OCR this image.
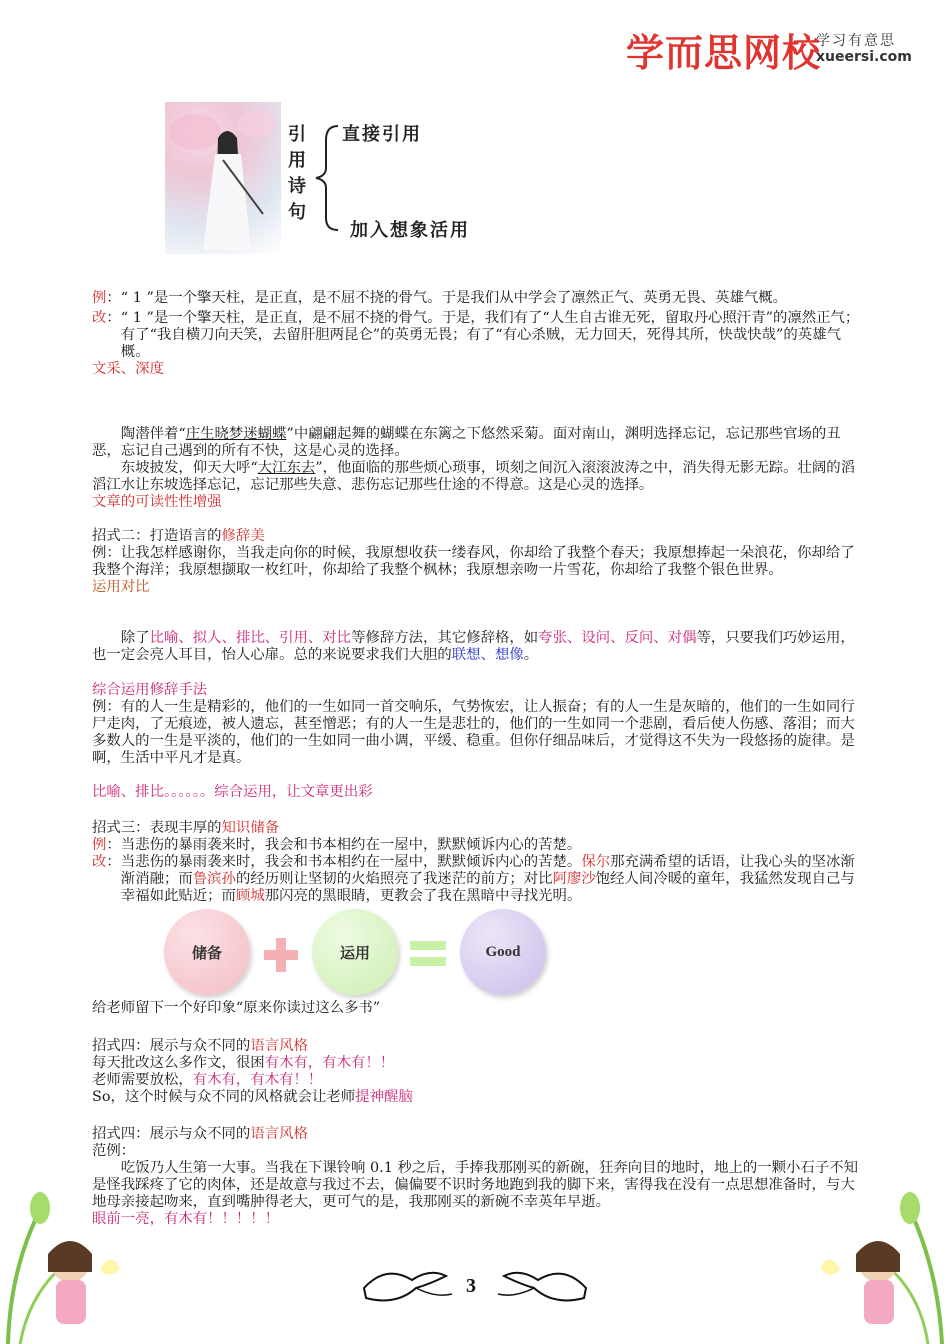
学而思网校
学习有意思
xueersi.com
引
用
诗
句
直接引用
加入想象活用

例：“ 1 ”是一个擎天柱，是正直，是不屈不挠的骨气。于是我们从中学会了凛然正气、英勇无畏、英雄气概。

改：“ 1 ”是一个擎天柱，是正直，是不屈不挠的骨气。于是，我们有了“人生自古谁无死，留取丹心照汗青”的凛然正气；有了“我自横刀向天笑，去留肝胆两昆仑”的英勇无畏；有了“有心杀贼，无力回天，死得其所，快哉快哉”的英雄气概。

文采、深度

陶潜伴着“庄生晓梦迷蝴蝶”中翩翩起舞的蝴蝶在东篱之下悠然采菊。面对南山，渊明选择忘记，忘记那些官场的丑恶，忘记自己遇到的所有不快，这是心灵的选择。

东坡披发，仰天大呼“大江东去”，他面临的那些烦心琐事，顷刻之间沉入滚滚波涛之中，消失得无影无踪。壮阔的滔滔江水让东坡选择忘记，忘记那些失意、悲伤忘记那些仕途的不得意。这是心灵的选择。

文章的可读性性增强

招式二：打造语言的修辞美

例：让我怎样感谢你，当我走向你的时候，我原想收获一缕春风，你却给了我整个春天；我原想捧起一朵浪花，你却给了我整个海洋；我原想撷取一枚红叶，你却给了我整个枫林；我原想亲吻一片雪花，你却给了我整个银色世界。

运用对比

除了比喻、拟人、排比、引用、对比等修辞方法，其它修辞格，如夸张、设问、反问、对偶等，只要我们巧妙运用，也一定会亮人耳目，怡人心扉。总的来说要求我们大胆的联想、想像。

综合运用修辞手法

例：有的人一生是精彩的，他们的一生如同一首交响乐，气势恢宏，让人振奋；有的人一生是灰暗的，他们的一生如同行尸走肉，了无痕迹，被人遗忘，甚至憎恶；有的人一生是悲壮的，他们的一生如同一个悲剧，看后使人伤感、落泪；而大多数人的一生是平淡的，他们的一生如同一曲小调，平缓、稳重。但你仔细品味后，才觉得这不失为一段悠扬的旋律。是啊，生活中平凡才是真。

比喻、排比。。。。。。综合运用，让文章更出彩

招式三：表现丰厚的知识储备

例：当悲伤的暴雨袭来时，我会和书本相约在一屋中，默默倾诉内心的苦楚。

改：当悲伤的暴雨袭来时，我会和书本相约在一屋中，默默倾诉内心的苦楚。保尔那充满希望的话语，让我心头的坚冰渐渐消融；而鲁滨孙的经历则让坚韧的火焰照亮了我迷茫的前方；对比阿廖沙饱经人间冷暖的童年，我猛然发现自己与幸福如此贴近；而顾城那闪亮的黑眼睛，更教会了我在黑暗中寻找光明。

储备	运用	Good

给老师留下一个好印象“原来你读过这么多书”

招式四：展示与众不同的语言风格

每天批改这么多作文，很困有木有，有木有！！

老师需要放松，有木有，有木有！！

So，这个时候与众不同的风格就会让老师提神醒脑

招式四：展示与众不同的语言风格

范例：

吃饭乃人生第一大事。当我在下课铃响 0.1 秒之后，手捧我那刚买的新碗，狂奔向目的地时，地上的一颗小石子不知是怪我踩疼了它的肉体，还是故意与我过不去，偏偏要不识时务地跑到我的脚下来，害得我在没有一点思想准备时，与大地母亲接起吻来，直到嘴肿得老大，更可气的是，我那刚买的新碗不幸英年早逝。

眼前一亮，有木有！！！！！

3
